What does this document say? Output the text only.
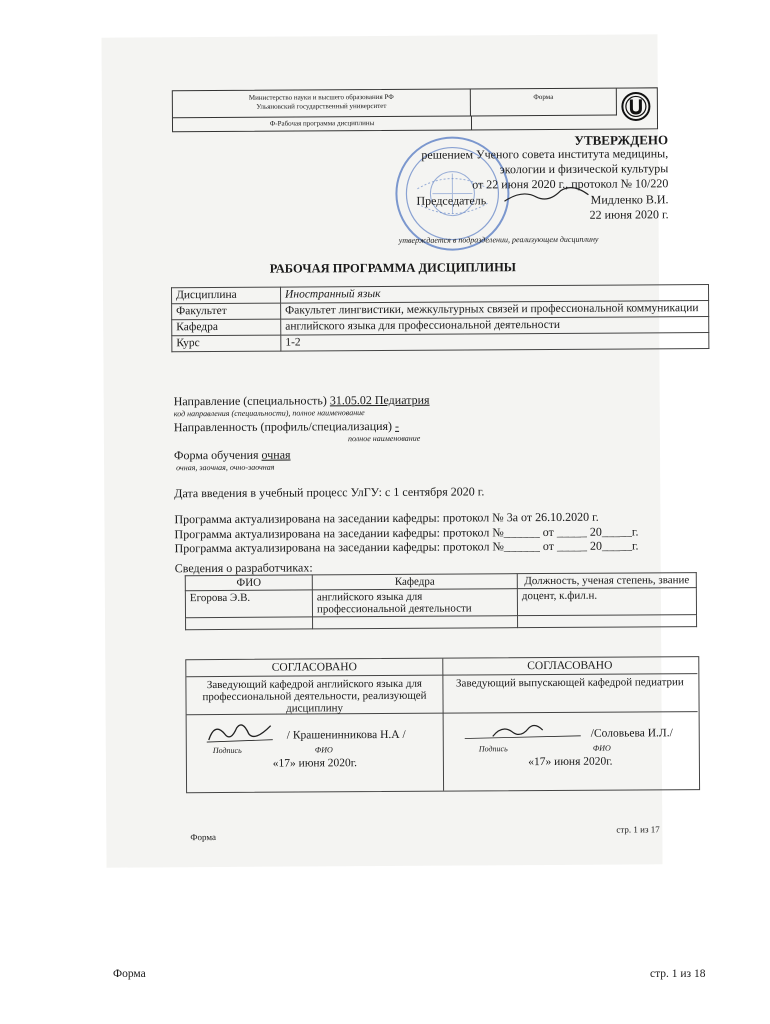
Министерство науки и высшего образования РФ
Ульяновский государственный университет
Форма
Ф-Рабочая программа дисциплины
УТВЕРЖДЕНО
решением Ученого совета института медицины,
экологии и физической культуры
от 22 июня 2020 г., протокол № 10/220
Председатель	Мидленко В.И.
22 июня 2020 г.
утверждается в подразделении, реализующем дисциплину
РАБОЧАЯ ПРОГРАММА ДИСЦИПЛИНЫ
Дисциплина	Иностранный язык
Факультет	Факультет лингвистики, межкультурных связей и профессиональной коммуникации
Кафедра	английского языка для профессиональной деятельности
Курс	1-2
Направление (специальность) 31.05.02 Педиатрия
код направления (специальности), полное наименование
Направленность (профиль/специализация) -
полное наименование
Форма обучения очная
очная, заочная, очно-заочная
Дата введения в учебный процесс УлГУ: с 1 сентября 2020 г.
Программа актуализирована на заседании кафедры: протокол № 3а от 26.10.2020 г.
Программа актуализирована на заседании кафедры: протокол №______ от _____ 20_____г.
Программа актуализирована на заседании кафедры: протокол №______ от _____ 20_____г.
Сведения о разработчиках:
ФИО	Кафедра	Должность, ученая степень, звание
Егорова Э.В.	английского языка для профессиональной деятельности	доцент, к.фил.н.

СОГЛАСОВАНО
Заведующий кафедрой английского языка для профессиональной деятельности, реализующей дисциплину
/ Крашенинникова Н.А /
Подпись	ФИО
«17» июня 2020г.
СОГЛАСОВАНО
Заведующий выпускающей кафедрой педиатрии
/Соловьева И.Л./
Подпись	ФИО
«17» июня 2020г.
Форма
стр. 1 из 17
Форма	стр. 1 из 18
